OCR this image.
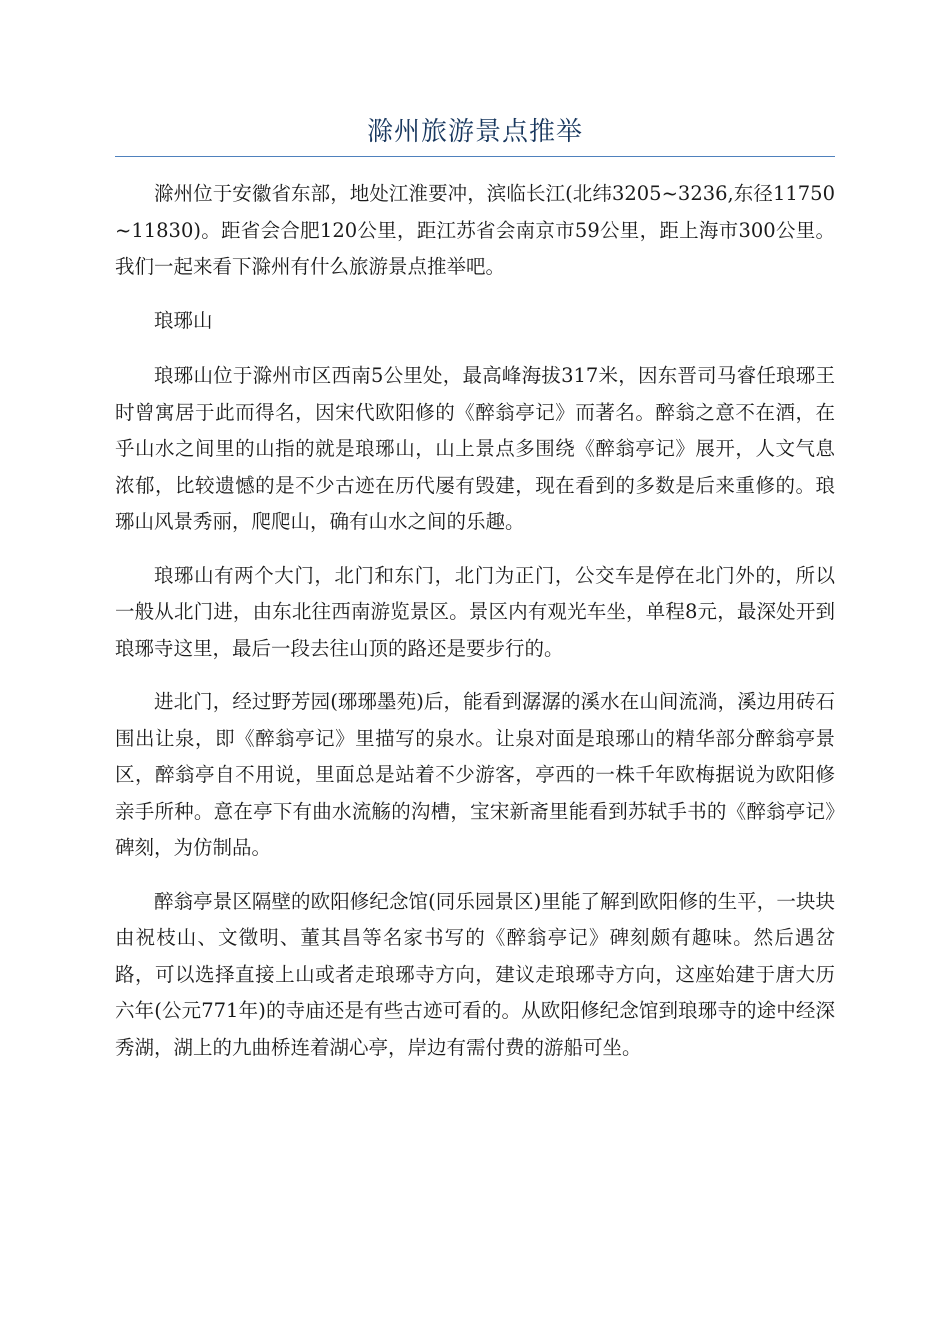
滁州旅游景点推举

滁州位于安徽省东部，地处江淮要冲，滨临长江(北纬3205~3236,东径11750~11830)。距省会合肥120公里，距江苏省会南京市59公里，距上海市300公里。我们一起来看下滁州有什么旅游景点推举吧。

琅琊山

琅琊山位于滁州市区西南5公里处，最高峰海拔317米，因东晋司马睿任琅琊王时曾寓居于此而得名，因宋代欧阳修的《醉翁亭记》而著名。醉翁之意不在酒，在乎山水之间里的山指的就是琅琊山，山上景点多围绕《醉翁亭记》展开，人文气息浓郁，比较遗憾的是不少古迹在历代屡有毁建，现在看到的多数是后来重修的。琅琊山风景秀丽，爬爬山，确有山水之间的乐趣。

琅琊山有两个大门，北门和东门，北门为正门，公交车是停在北门外的，所以一般从北门进，由东北往西南游览景区。景区内有观光车坐，单程8元，最深处开到琅琊寺这里，最后一段去往山顶的路还是要步行的。

进北门，经过野芳园(琊琊墨苑)后，能看到潺潺的溪水在山间流淌，溪边用砖石围出让泉，即《醉翁亭记》里描写的泉水。让泉对面是琅琊山的精华部分醉翁亭景区，醉翁亭自不用说，里面总是站着不少游客，亭西的一株千年欧梅据说为欧阳修亲手所种。意在亭下有曲水流觞的沟槽，宝宋新斋里能看到苏轼手书的《醉翁亭记》碑刻，为仿制品。

醉翁亭景区隔壁的欧阳修纪念馆(同乐园景区)里能了解到欧阳修的生平，一块块由祝枝山、文徵明、董其昌等名家书写的《醉翁亭记》碑刻颇有趣味。然后遇岔路，可以选择直接上山或者走琅琊寺方向，建议走琅琊寺方向，这座始建于唐大历六年(公元771年)的寺庙还是有些古迹可看的。从欧阳修纪念馆到琅琊寺的途中经深秀湖，湖上的九曲桥连着湖心亭，岸边有需付费的游船可坐。
